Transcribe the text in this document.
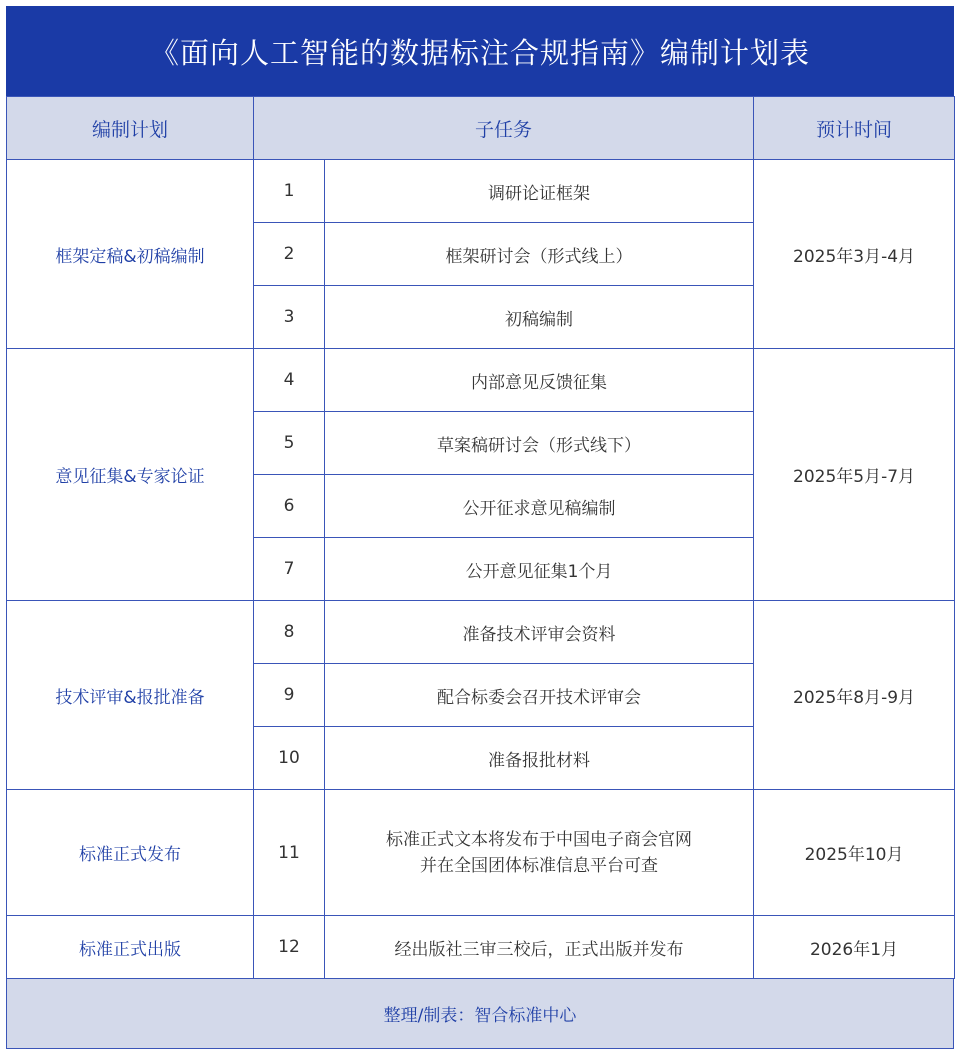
《面向人工智能的数据标注合规指南》编制计划表
编制计划	子任务		预计时间
框架定稿&初稿编制	1	调研论证框架	2025年3月-4月
	2	框架研讨会（形式线上）	
	3	初稿编制	
意见征集&专家论证	4	内部意见反馈征集	2025年5月-7月
	5	草案稿研讨会（形式线下）	
	6	公开征求意见稿编制	
	7	公开意见征集1个月	
技术评审&报批准备	8	准备技术评审会资料	2025年8月-9月
	9	配合标委会召开技术评审会	
	10	准备报批材料	
标准正式发布	11	标准正式文本将发布于中国电子商会官网
并在全国团体标准信息平台可查	2025年10月
标准正式出版	12	经出版社三审三校后，正式出版并发布	2026年1月
整理/制表：智合标准中心
